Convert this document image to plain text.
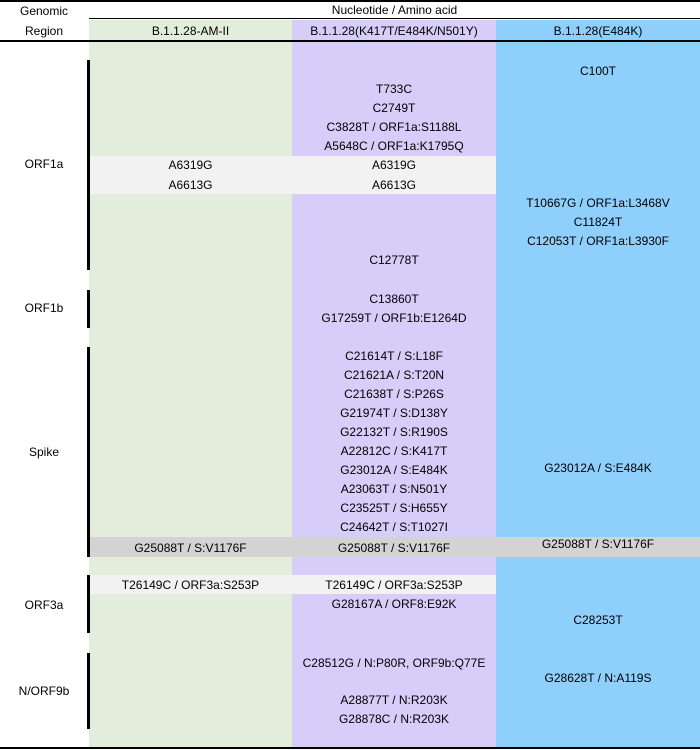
Genomic
Region
Nucleotide / Amino acid
B.1.1.28-AM-II	B.1.1.28(K417T/E484K/N501Y)	B.1.1.28(E484K)
ORF1a
ORF1b
Spike
ORF3a
N/ORF9b
A6319G
A6613G
G25088T / S:V1176F
T26149C / ORF3a:S253P
T733C
C2749T
C3828T / ORF1a:S1188L
A5648C / ORF1a:K1795Q
A6319G
A6613G
C12778T
C13860T
G17259T / ORF1b:E1264D
C21614T / S:L18F
C21621A / S:T20N
C21638T / S:P26S
G21974T / S:D138Y
G22132T / S:R190S
A22812C / S:K417T
G23012A / S:E484K
A23063T / S:N501Y
C23525T / S:H655Y
C24642T / S:T1027I
G25088T / S:V1176F
T26149C / ORF3a:S253P
G28167A / ORF8:E92K
C28512G / N:P80R, ORF9b:Q77E
A28877T / N:R203K
G28878C / N:R203K
C100T
T10667G / ORF1a:L3468V
C11824T
C12053T / ORF1a:L3930F
G23012A / S:E484K
G25088T / S:V1176F
C28253T
G28628T / N:A119S
